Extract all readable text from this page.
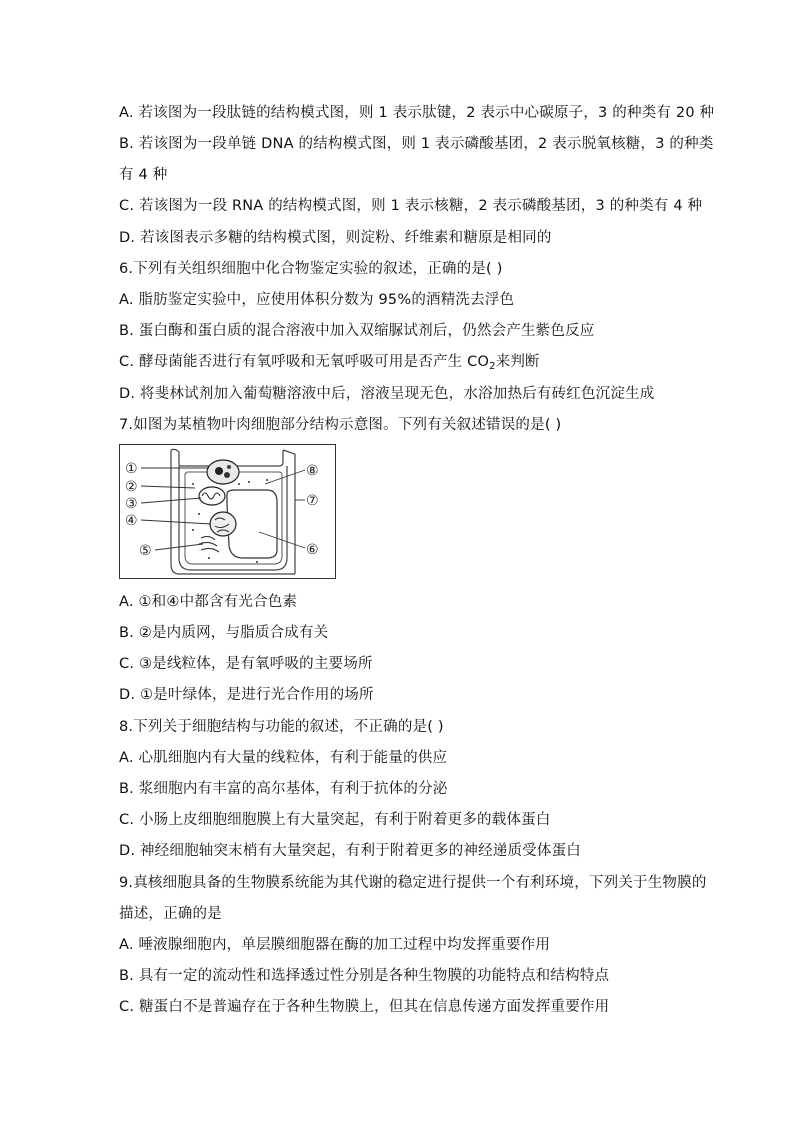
A. 若该图为一段肽链的结构模式图，则 1 表示肽键，2 表示中心碳原子，3 的种类有 20 种
B. 若该图为一段单链 DNA 的结构模式图，则 1 表示磷酸基团，2 表示脱氧核糖，3 的种类
有 4 种
C. 若该图为一段 RNA 的结构模式图，则 1 表示核糖，2 表示磷酸基团，3 的种类有 4 种
D. 若该图表示多糖的结构模式图，则淀粉、纤维素和糖原是相同的
6.下列有关组织细胞中化合物鉴定实验的叙述，正确的是( )
A. 脂肪鉴定实验中，应使用体积分数为 95%的酒精洗去浮色
B. 蛋白酶和蛋白质的混合溶液中加入双缩脲试剂后，仍然会产生紫色反应
C. 酵母菌能否进行有氧呼吸和无氧呼吸可用是否产生 $CO_2$来判断
D. 将斐林试剂加入葡萄糖溶液中后，溶液呈现无色，水浴加热后有砖红色沉淀生成
7.如图为某植物叶肉细胞部分结构示意图。下列有关叙述错误的是( )
①
②
③
④
⑤	⑥
⑦
⑧
A. ①和④中都含有光合色素
B. ②是内质网，与脂质合成有关
C. ③是线粒体，是有氧呼吸的主要场所
D. ①是叶绿体，是进行光合作用的场所
8.下列关于细胞结构与功能的叙述，不正确的是( )
A. 心肌细胞内有大量的线粒体，有利于能量的供应
B. 浆细胞内有丰富的高尔基体，有利于抗体的分泌
C. 小肠上皮细胞细胞膜上有大量突起，有利于附着更多的载体蛋白
D. 神经细胞轴突末梢有大量突起，有利于附着更多的神经递质受体蛋白
9.真核细胞具备的生物膜系统能为其代谢的稳定进行提供一个有利环境，下列关于生物膜的
描述，正确的是
A. 唾液腺细胞内，单层膜细胞器在酶的加工过程中均发挥重要作用
B. 具有一定的流动性和选择透过性分别是各种生物膜的功能特点和结构特点
C. 糖蛋白不是普遍存在于各种生物膜上，但其在信息传递方面发挥重要作用
